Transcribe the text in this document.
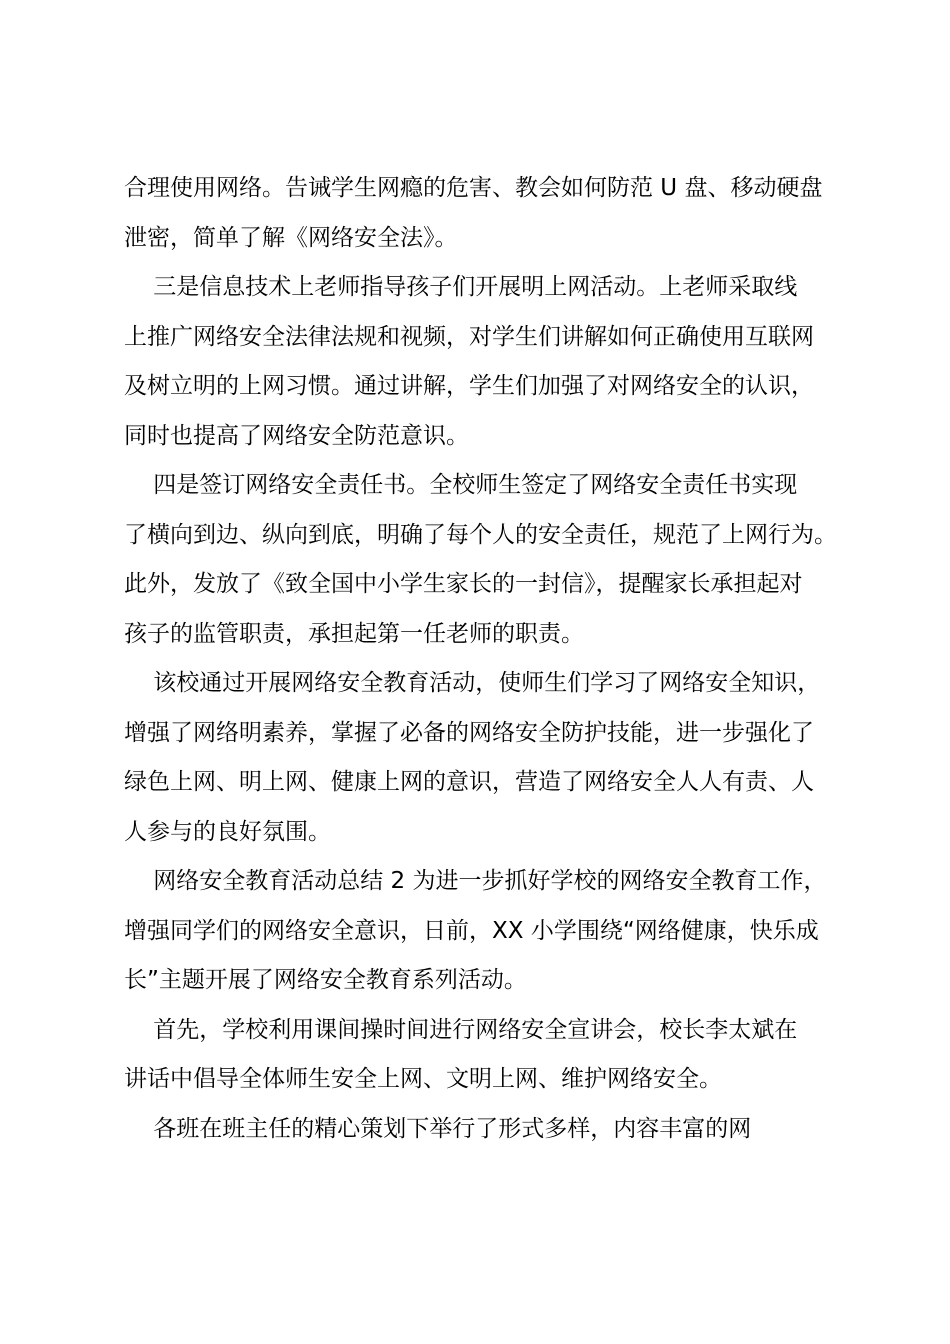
合理使用网络。告诫学生网瘾的危害、教会如何防范 U 盘、移动硬盘
泄密，简单了解《网络安全法》。

三是信息技术上老师指导孩子们开展明上网活动。上老师采取线
上推广网络安全法律法规和视频，对学生们讲解如何正确使用互联网
及树立明的上网习惯。通过讲解，学生们加强了对网络安全的认识，
同时也提高了网络安全防范意识。

四是签订网络安全责任书。全校师生签定了网络安全责任书实现
了横向到边、纵向到底，明确了每个人的安全责任，规范了上网行为。
此外，发放了《致全国中小学生家长的一封信》，提醒家长承担起对
孩子的监管职责，承担起第一任老师的职责。

该校通过开展网络安全教育活动，使师生们学习了网络安全知识，
增强了网络明素养，掌握了必备的网络安全防护技能，进一步强化了
绿色上网、明上网、健康上网的意识，营造了网络安全人人有责、人
人参与的良好氛围。

网络安全教育活动总结 2 为进一步抓好学校的网络安全教育工作，
增强同学们的网络安全意识，日前，XX 小学围绕“网络健康，快乐成
长”主题开展了网络安全教育系列活动。

首先，学校利用课间操时间进行网络安全宣讲会，校长李太斌在
讲话中倡导全体师生安全上网、文明上网、维护网络安全。

各班在班主任的精心策划下举行了形式多样，内容丰富的网
